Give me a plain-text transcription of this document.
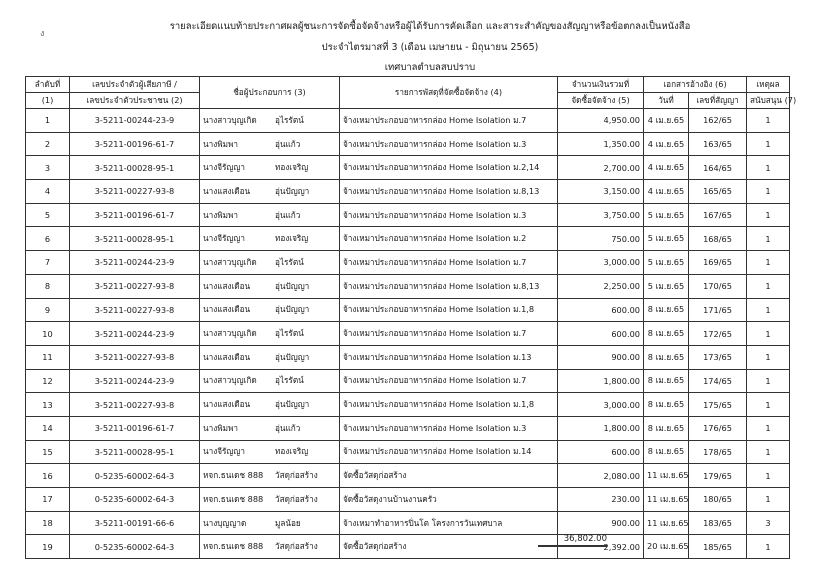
ง
รายละเอียดแนบท้ายประกาศผลผู้ชนะการจัดซื้อจัดจ้างหรือผู้ได้รับการคัดเลือก และสาระสำคัญของสัญญาหรือข้อตกลงเป็นหนังสือ
ประจำไตรมาสที่ 3 (เดือน เมษายน - มิถุนายน 2565)
เทศบาลตำบลสบปราบ
ลำดับที่	เลขประจำตัวผู้เสียภาษี /	ชื่อผู้ประกอบการ (3)	รายการพัสดุที่จัดซื้อจัดจ้าง (4)	จำนวนเงินรวมที่	เอกสารอ้างอิง (6)		เหตุผล
(1)	เลขประจำตัวประชาชน (2)			จัดซื้อจัดจ้าง (5)	วันที่	เลขที่สัญญา	สนับสนุน (7)
1	3-5211-00244-23-9	นางสาวบุญเกิด อุไรรัตน์	จ้างเหมาประกอบอาหารกล่อง Home Isolation ม.7	4,950.00	4 เม.ย.65	162/65	1
2	3-5211-00196-61-7	นางพิมพา อุ่นแก้ว	จ้างเหมาประกอบอาหารกล่อง Home Isolation ม.3	1,350.00	4 เม.ย.65	163/65	1
3	3-5211-00028-95-1	นางจีรัญญา ทองเจริญ	จ้างเหมาประกอบอาหารกล่อง Home Isolation ม.2,14	2,700.00	4 เม.ย.65	164/65	1
4	3-5211-00227-93-8	นางแสงเดือน อุ่นปัญญา	จ้างเหมาประกอบอาหารกล่อง Home Isolation ม.8,13	3,150.00	4 เม.ย.65	165/65	1
5	3-5211-00196-61-7	นางพิมพา อุ่นแก้ว	จ้างเหมาประกอบอาหารกล่อง Home Isolation ม.3	3,750.00	5 เม.ย.65	167/65	1
6	3-5211-00028-95-1	นางจีรัญญา ทองเจริญ	จ้างเหมาประกอบอาหารกล่อง Home Isolation ม.2	750.00	5 เม.ย.65	168/65	1
7	3-5211-00244-23-9	นางสาวบุญเกิด อุไรรัตน์	จ้างเหมาประกอบอาหารกล่อง Home Isolation ม.7	3,000.00	5 เม.ย.65	169/65	1
8	3-5211-00227-93-8	นางแสงเดือน อุ่นปัญญา	จ้างเหมาประกอบอาหารกล่อง Home Isolation ม.8,13	2,250.00	5 เม.ย.65	170/65	1
9	3-5211-00227-93-8	นางแสงเดือน อุ่นปัญญา	จ้างเหมาประกอบอาหารกล่อง Home Isolation ม.1,8	600.00	8 เม.ย.65	171/65	1
10	3-5211-00244-23-9	นางสาวบุญเกิด อุไรรัตน์	จ้างเหมาประกอบอาหารกล่อง Home Isolation ม.7	600.00	8 เม.ย.65	172/65	1
11	3-5211-00227-93-8	นางแสงเดือน อุ่นปัญญา	จ้างเหมาประกอบอาหารกล่อง Home Isolation ม.13	900.00	8 เม.ย.65	173/65	1
12	3-5211-00244-23-9	นางสาวบุญเกิด อุไรรัตน์	จ้างเหมาประกอบอาหารกล่อง Home Isolation ม.7	1,800.00	8 เม.ย.65	174/65	1
13	3-5211-00227-93-8	นางแสงเดือน อุ่นปัญญา	จ้างเหมาประกอบอาหารกล่อง Home Isolation ม.1,8	3,000.00	8 เม.ย.65	175/65	1
14	3-5211-00196-61-7	นางพิมพา อุ่นแก้ว	จ้างเหมาประกอบอาหารกล่อง Home Isolation ม.3	1,800.00	8 เม.ย.65	176/65	1
15	3-5211-00028-95-1	นางจีรัญญา ทองเจริญ	จ้างเหมาประกอบอาหารกล่อง Home Isolation ม.14	600.00	8 เม.ย.65	178/65	1
16	0-5235-60002-64-3	หจก.ธนเดช 888 วัสดุก่อสร้าง	จัดซื้อวัสดุก่อสร้าง	2,080.00	11 เม.ย.65	179/65	1
17	0-5235-60002-64-3	หจก.ธนเดช 888 วัสดุก่อสร้าง	จัดซื้อวัสดุงานบ้านงานครัว	230.00	11 เม.ย.65	180/65	1
18	3-5211-00191-66-6	นางบุญญาด มูลน้อย	จ้างเหมาทำอาหารปิ่นโต โครงการวันเทศบาล	900.00	11 เม.ย.65	183/65	3
19	0-5235-60002-64-3	หจก.ธนเดช 888 วัสดุก่อสร้าง	จัดซื้อวัสดุก่อสร้าง	2,392.00	20 เม.ย.65	185/65	1
36,802.00
